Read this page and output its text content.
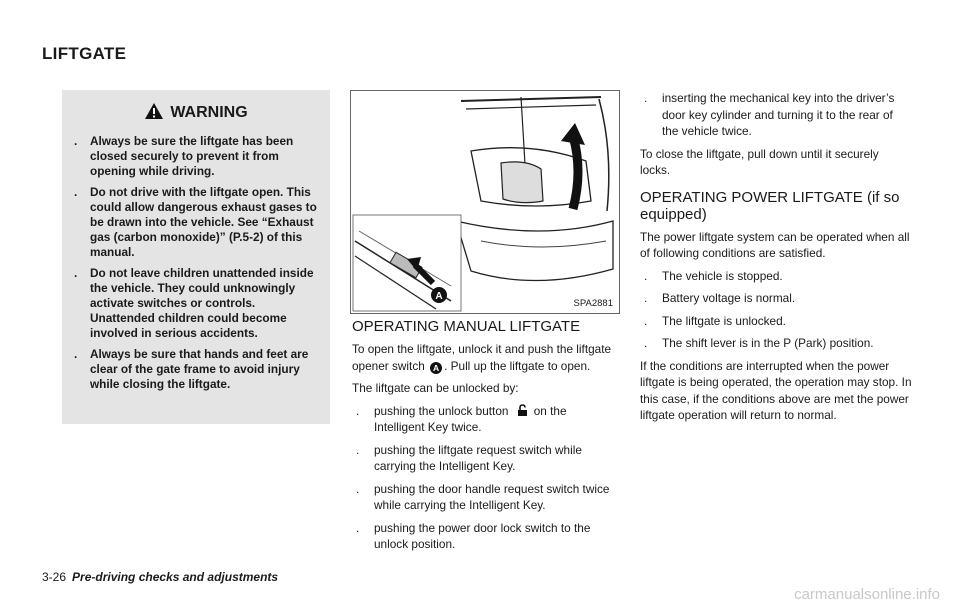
LIFTGATE
WARNING
. Always be sure the liftgate has been closed securely to prevent it from opening while driving.
. Do not drive with the liftgate open. This could allow dangerous exhaust gases to be drawn into the vehicle. See “Exhaust gas (carbon monoxide)” (P.5-2) of this manual.
. Do not leave children unattended inside the vehicle. They could unknowingly activate switches or controls. Unattended children could become involved in serious accidents.
. Always be sure that hands and feet are clear of the gate frame to avoid injury while closing the liftgate.
A
SPA2881
OPERATING MANUAL LIFTGATE

To open the liftgate, unlock it and push the liftgate opener switch A . Pull up the liftgate to open.

The liftgate can be unlocked by:

. pushing the unlock button on the Intelligent Key twice.
. pushing the liftgate request switch while carrying the Intelligent Key.
. pushing the door handle request switch twice while carrying the Intelligent Key.
. pushing the power door lock switch to the unlock position.
. inserting the mechanical key into the driver’s door key cylinder and turning it to the rear of the vehicle twice.

To close the liftgate, pull down until it securely locks.

OPERATING POWER LIFTGATE (if so equipped)

The power liftgate system can be operated when all of following conditions are satisfied.

. The vehicle is stopped.
. Battery voltage is normal.
. The liftgate is unlocked.
. The shift lever is in the P (Park) position.

If the conditions are interrupted when the power liftgate is being operated, the operation may stop. In this case, if the conditions above are met the power liftgate operation will return to normal.

3-26 Pre-driving checks and adjustments
carmanualsonline.info
